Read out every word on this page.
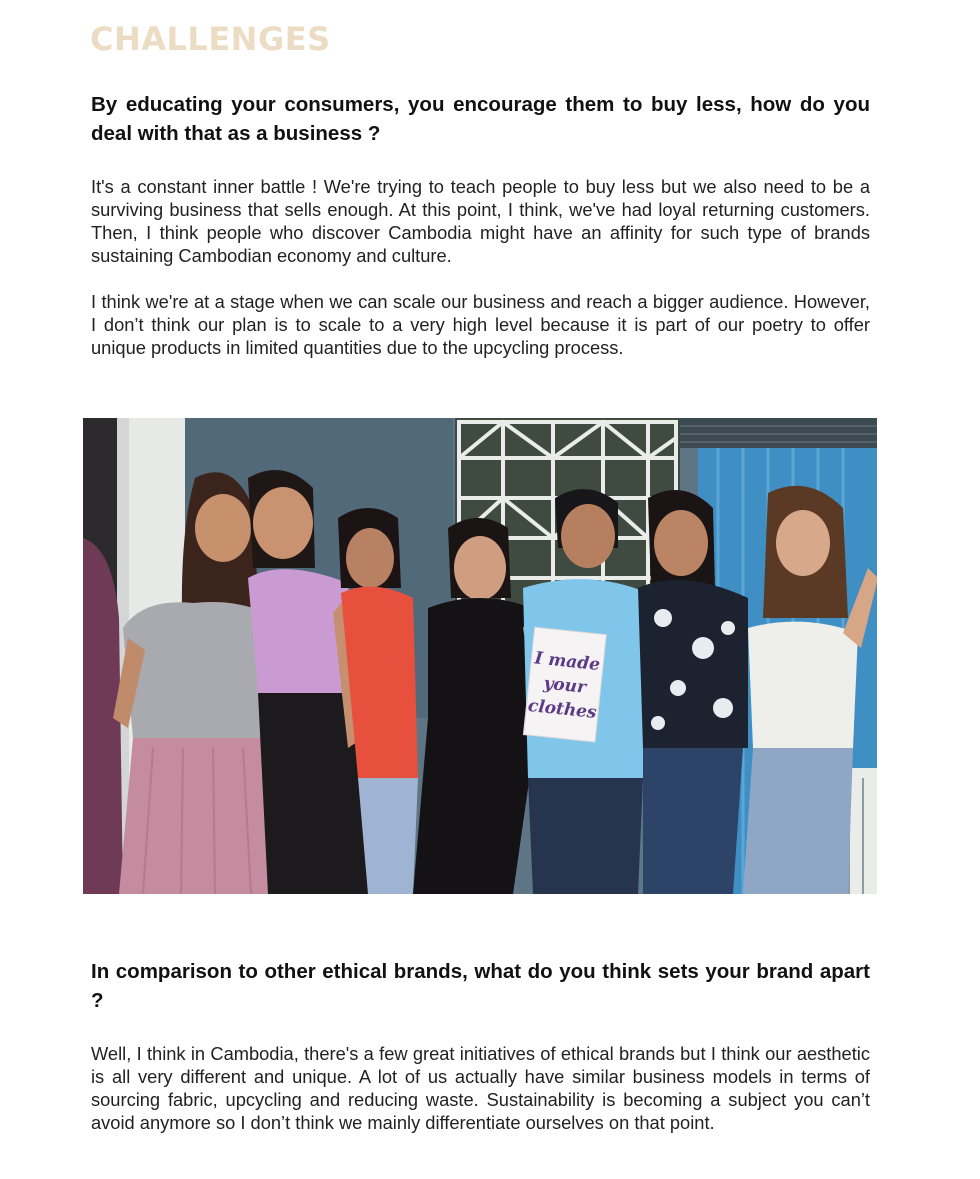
CHALLENGES
By educating your consumers, you encourage them to buy less, how do you deal with that as a business ?

It's a constant inner battle ! We're trying to teach people to buy less but we also need to be a surviving business that sells enough. At this point, I think, we've had loyal returning customers. Then, I think people who discover Cambodia might have an affinity for such type of brands sustaining Cambodian economy and culture.

I think we're at a stage when we can scale our business and reach a bigger audience. However, I don’t think our plan is to scale to a very high level because it is part of our poetry to offer unique products in limited quantities due to the upcycling process.

I made
your
clothes
In comparison to other ethical brands, what do you think sets your brand apart ?

Well, I think in Cambodia, there's a few great initiatives of ethical brands but I think our aesthetic is all very different and unique. A lot of us actually have similar business models in terms of sourcing fabric, upcycling and reducing waste. Sustainability is becoming a subject you can’t avoid anymore so I don’t think we mainly differentiate ourselves on that point.
